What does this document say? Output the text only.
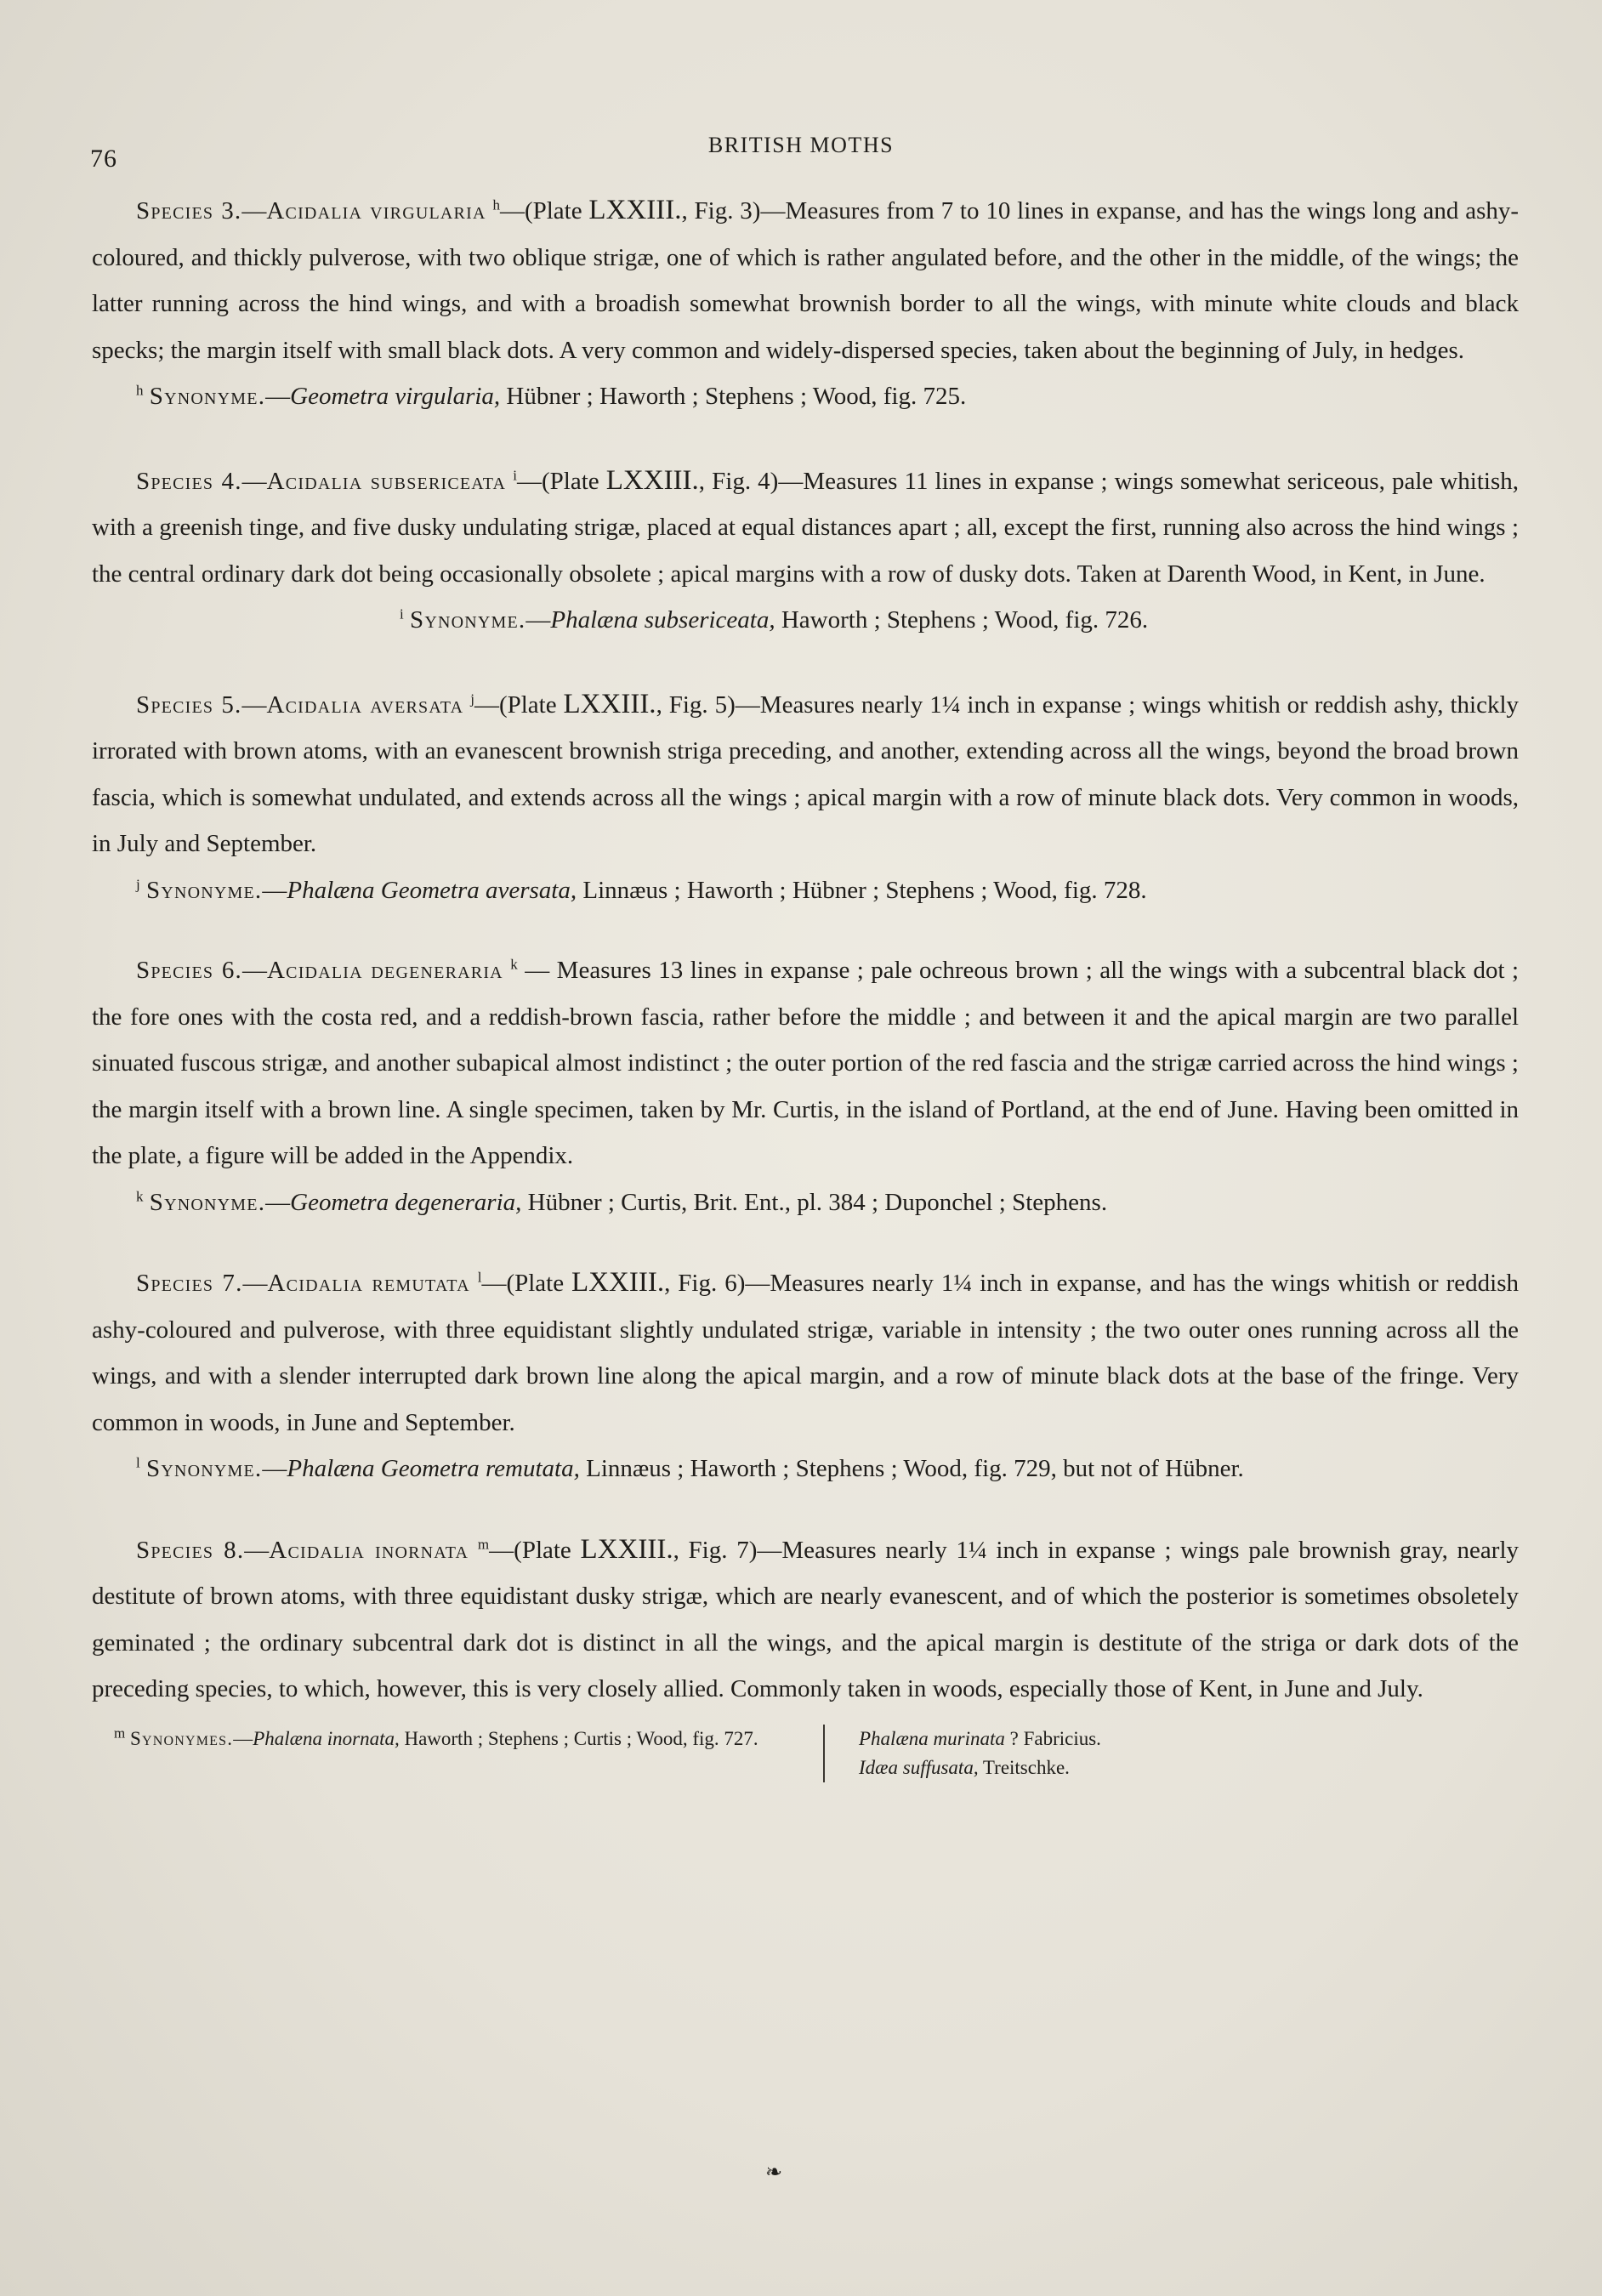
76	BRITISH MOTHS

Species 3.—Acidalia virgularia $^h$—(Plate LXXIII., Fig. 3)—Measures from 7 to 10 lines in expanse, and has the wings long and ashy-coloured, and thickly pulverose, with two oblique strigæ, one of which is rather angulated before, and the other in the middle, of the wings; the latter running across the hind wings, and with a broadish somewhat brownish border to all the wings, with minute white clouds and black specks; the margin itself with small black dots. A very common and widely-dispersed species, taken about the beginning of July, in hedges.

$^h$ Synonyme.—Geometra virgularia, Hübner ; Haworth ; Stephens ; Wood, fig. 725.

Species 4.—Acidalia subsericeata $^i$—(Plate LXXIII., Fig. 4)—Measures 11 lines in expanse ; wings somewhat sericeous, pale whitish, with a greenish tinge, and five dusky undulating strigæ, placed at equal distances apart ; all, except the first, running also across the hind wings ; the central ordinary dark dot being occasionally obsolete ; apical margins with a row of dusky dots. Taken at Darenth Wood, in Kent, in June.

$^i$ Synonyme.—Phalæna subsericeata, Haworth ; Stephens ; Wood, fig. 726.

Species 5.—Acidalia aversata $^j$—(Plate LXXIII., Fig. 5)—Measures nearly 1¼ inch in expanse ; wings whitish or reddish ashy, thickly irrorated with brown atoms, with an evanescent brownish striga preceding, and another, extending across all the wings, beyond the broad brown fascia, which is somewhat undulated, and extends across all the wings ; apical margin with a row of minute black dots. Very common in woods, in July and September.

$^j$ Synonyme.—Phalæna Geometra aversata, Linnæus ; Haworth ; Hübner ; Stephens ; Wood, fig. 728.

Species 6.—Acidalia degeneraria $^k$ — Measures 13 lines in expanse ; pale ochreous brown ; all the wings with a subcentral black dot ; the fore ones with the costa red, and a reddish-brown fascia, rather before the middle ; and between it and the apical margin are two parallel sinuated fuscous strigæ, and another subapical almost indistinct ; the outer portion of the red fascia and the strigæ carried across the hind wings ; the margin itself with a brown line. A single specimen, taken by Mr. Curtis, in the island of Portland, at the end of June. Having been omitted in the plate, a figure will be added in the Appendix.

$^k$ Synonyme.—Geometra degeneraria, Hübner ; Curtis, Brit. Ent., pl. 384 ; Duponchel ; Stephens.

Species 7.—Acidalia remutata $^l$—(Plate LXXIII., Fig. 6)—Measures nearly 1¼ inch in expanse, and has the wings whitish or reddish ashy-coloured and pulverose, with three equidistant slightly undulated strigæ, variable in intensity ; the two outer ones running across all the wings, and with a slender interrupted dark brown line along the apical margin, and a row of minute black dots at the base of the fringe. Very common in woods, in June and September.

$^l$ Synonyme.—Phalæna Geometra remutata, Linnæus ; Haworth ; Stephens ; Wood, fig. 729, but not of Hübner.

Species 8.—Acidalia inornata $^m$—(Plate LXXIII., Fig. 7)—Measures nearly 1¼ inch in expanse ; wings pale brownish gray, nearly destitute of brown atoms, with three equidistant dusky strigæ, which are nearly evanescent, and of which the posterior is sometimes obsoletely geminated ; the ordinary subcentral dark dot is distinct in all the wings, and the apical margin is destitute of the striga or dark dots of the preceding species, to which, however, this is very closely allied. Commonly taken in woods, especially those of Kent, in June and July.

$^m$ Synonymes.—Phalæna inornata, Haworth ; Stephens ; Curtis ; Wood, fig. 727.	Phalæna murinata ? Fabricius.
Idæa suffusata, Treitschke.
❧
